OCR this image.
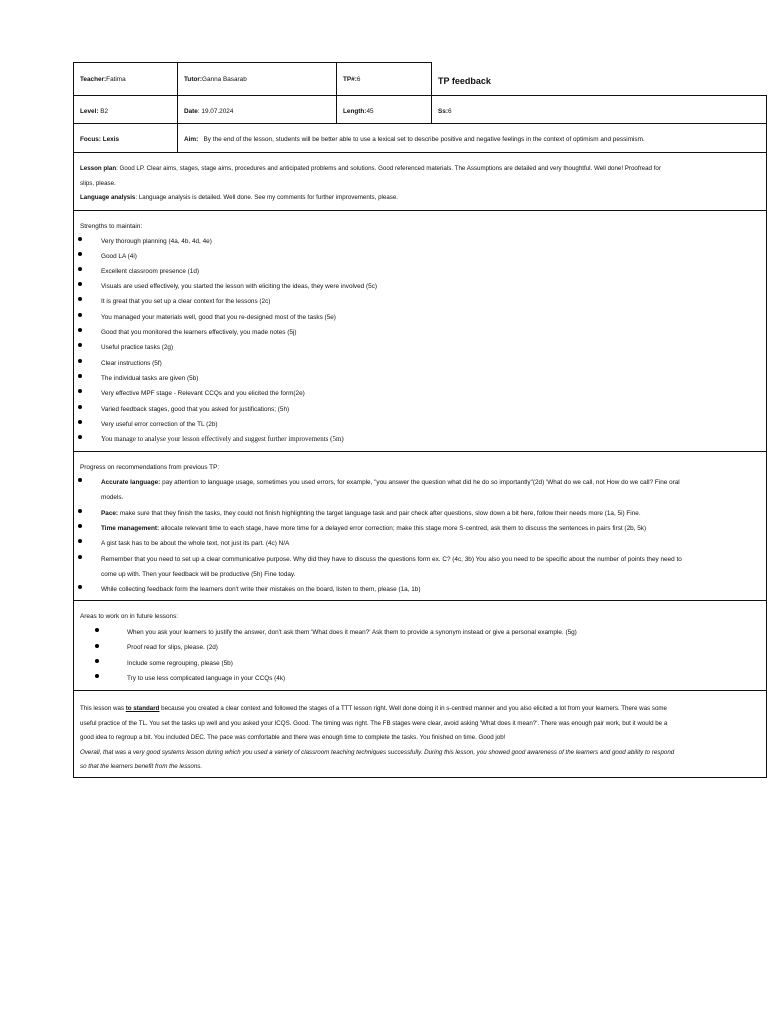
Teacher:Fatima	Tutor:Ganna Basarab	TP#:6	TP feedback
Level: B2	Date: 19.07.2024	Length:45	Ss:6
Focus: Lexis	Aim: By the end of the lesson, students will be better able to use a lexical set to describe positive and negative feelings in the context of optimism and pessimism.

Lesson plan: Good LP. Clear aims, stages, stage aims, procedures and anticipated problems and solutions. Good referenced materials. The Assumptions are detailed and very thoughtful. Well done! Proofread for

slips, please.

Language analysis: Language analysis is detailed. Well done. See my comments for further improvements, please.

Strengths to maintain:
Very thorough planning (4a, 4b, 4d, 4e)
Good LA (4i)
Excellent classroom presence (1d)
Visuals are used effectively, you started the lesson with eliciting the ideas, they were involved (5c)
It is great that you set up a clear context for the lessons (2c)
You managed your materials well, good that you re-designed most of the tasks (5e)
Good that you monitored the learners effectively, you made notes (5j)
Useful practice tasks (2g)
Clear instructions (5f)
The individual tasks are given (5b)
Very effective MPF stage - Relevant CCQs and you elicited the form(2e)
Varied feedback stages, good that you asked for justifications; (5h)
Very useful error correction of the TL (2b)
You manage to analyse your lesson effectively and suggest further improvements (5m)
Progress on recommendations from previous TP:
Accurate language: pay attention to language usage, sometimes you used errors, for example, "you answer the question what did he do so importantly"(2d) 'What do we call, not How do we call? Fine oral
models.
Pace: make sure that they finish the tasks, they could not finish highlighting the target language task and pair check after questions, slow down a bit here, follow their needs more (1a, 5i) Fine.
Time management: allocate relevant time to each stage, have more time for a delayed error correction; make this stage more S-centred, ask them to discuss the sentences in pairs first (2b, 5k)
A gist task has to be about the whole text, not just its part. (4c) N/A
Remember that you need to set up a clear communicative purpose. Why did they have to discuss the questions form ex. C? (4c, 3b) You also you need to be specific about the number of points they need to
come up with. Then your feedback will be productive (5h) Fine today.
While collecting feedback form the learners don't write their mistakes on the board, listen to them, please (1a, 1b)
Areas to work on in future lessons:
When you ask your learners to justify the answer, don't ask them 'What does it mean?' Ask them to provide a synonym instead or give a personal example. (5g)
Proof read for slips, please. (2d)
Include some regrouping, please (5b)
Try to use less complicated language in your CCQs (4k)

This lesson was to standard because you created a clear context and followed the stages of a TTT lesson right. Well done doing it in s-centred manner and you also elicited a lot from your learners. There was some

useful practice of the TL. You set the tasks up well and you asked your ICQS. Good. The timing was right. The FB stages were clear, avoid asking 'What does it mean?'. There was enough pair work, but it would be a

good idea to regroup a bit. You included DEC. The pace was comfortable and there was enough time to complete the tasks. You finished on time. Good job!

Overall, that was a very good systems lesson during which you used a variety of classroom teaching techniques successfully. During this lesson, you showed good awareness of the learners and good ability to respond

so that the learners benefit from the lessons.
